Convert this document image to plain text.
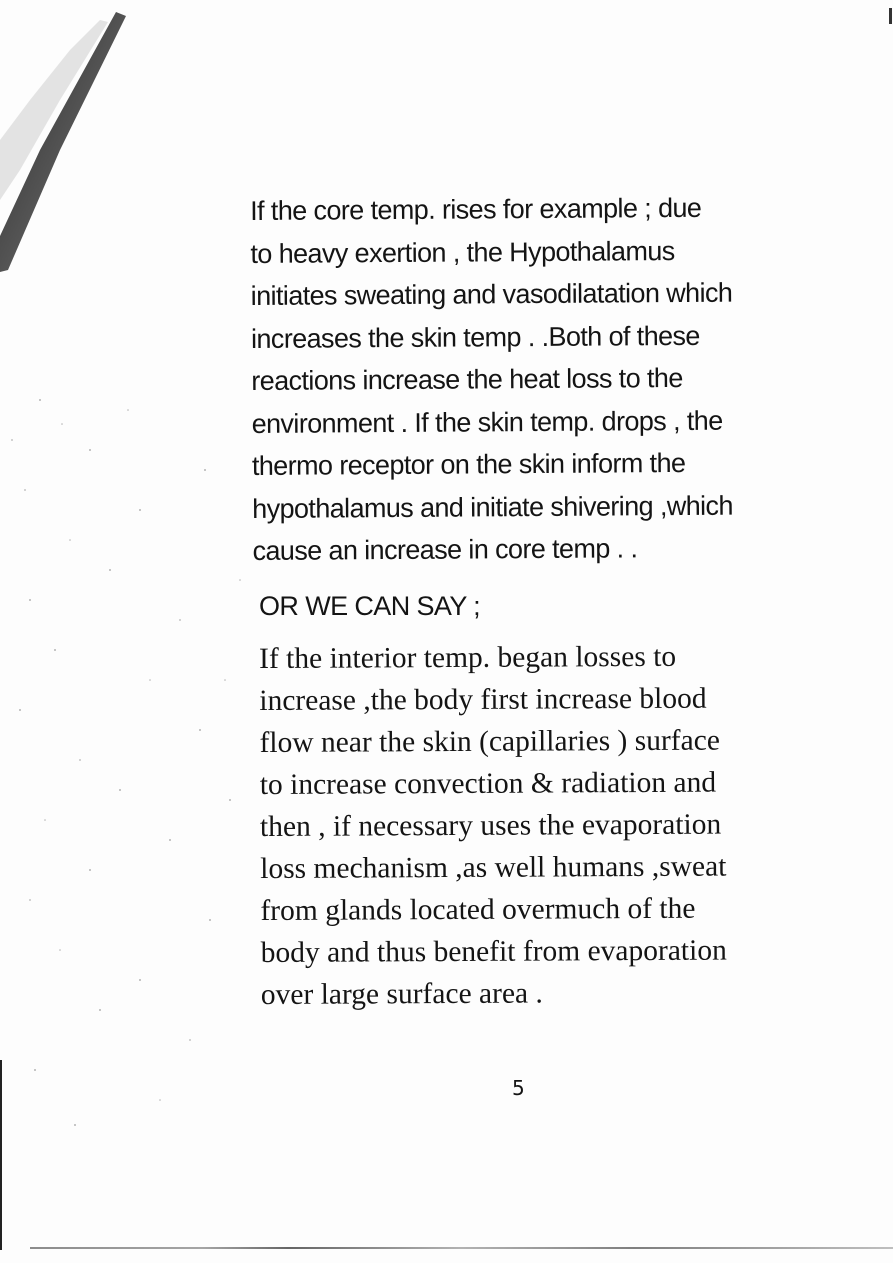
If the core temp. rises for example ; due
to heavy exertion , the Hypothalamus
initiates sweating and vasodilatation which
increases the skin temp . .Both of these
reactions increase the heat loss to the
environment . If the skin temp. drops , the
thermo receptor on the skin inform the
hypothalamus and initiate shivering ,which
cause an increase in core temp . .
OR WE CAN SAY ;
If the interior temp. began losses to
increase ,the body first increase blood
flow near the skin (capillaries ) surface
to increase convection & radiation and
then , if necessary uses the evaporation
loss mechanism ,as well humans ,sweat
from glands located overmuch of the
body and thus benefit from evaporation
over large surface area .
5
